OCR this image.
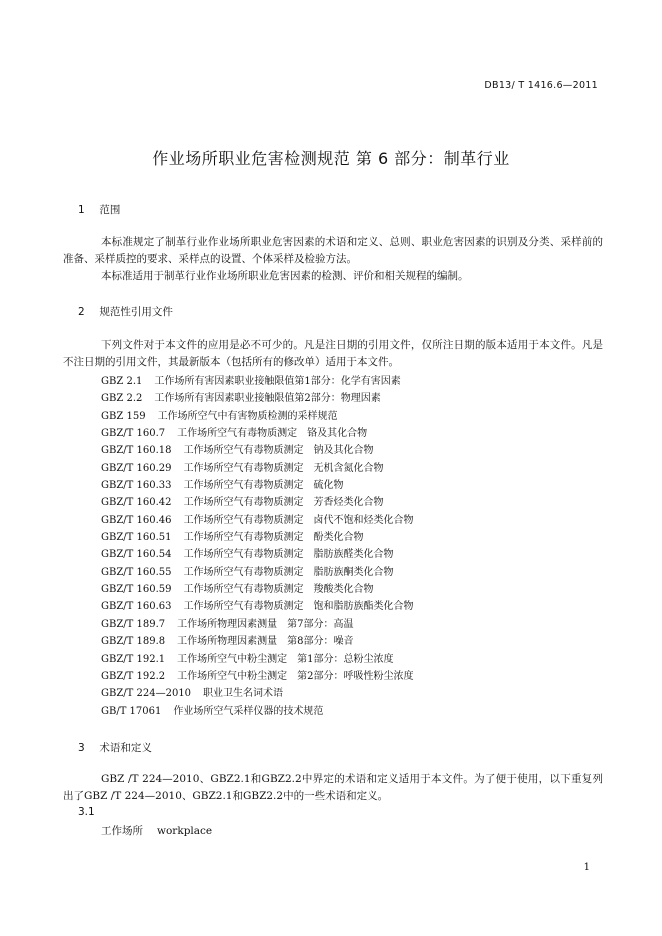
DB13/ T 1416.6—2011
作业场所职业危害检测规范 第 6 部分：制革行业
1 范围
本标准规定了制革行业作业场所职业危害因素的术语和定义、总则、职业危害因素的识别及分类、采样前的准备、采样质控的要求、采样点的设置、个体采样及检验方法。
本标准适用于制革行业作业场所职业危害因素的检测、评价和相关规程的编制。
2 规范性引用文件
下列文件对于本文件的应用是必不可少的。凡是注日期的引用文件，仅所注日期的版本适用于本文件。凡是不注日期的引用文件，其最新版本（包括所有的修改单）适用于本文件。
GBZ 2.1 工作场所有害因素职业接触限值第1部分：化学有害因素
GBZ 2.2 工作场所有害因素职业接触限值第2部分：物理因素
GBZ 159 工作场所空气中有害物质检测的采样规范
GBZ/T 160.7 工作场所空气有毒物质测定　铬及其化合物
GBZ/T 160.18 工作场所空气有毒物质测定　钠及其化合物
GBZ/T 160.29 工作场所空气有毒物质测定　无机含氮化合物
GBZ/T 160.33 工作场所空气有毒物质测定　硫化物
GBZ/T 160.42 工作场所空气有毒物质测定　芳香烃类化合物
GBZ/T 160.46 工作场所空气有毒物质测定　卤代不饱和烃类化合物
GBZ/T 160.51 工作场所空气有毒物质测定　酚类化合物
GBZ/T 160.54 工作场所空气有毒物质测定　脂肪族醛类化合物
GBZ/T 160.55 工作场所空气有毒物质测定　脂肪族酮类化合物
GBZ/T 160.59 工作场所空气有毒物质测定　羧酸类化合物
GBZ/T 160.63 工作场所空气有毒物质测定　饱和脂肪族酯类化合物
GBZ/T 189.7 工作场所物理因素测量　第7部分：高温
GBZ/T 189.8 工作场所物理因素测量　第8部分：噪音
GBZ/T 192.1 工作场所空气中粉尘测定　第1部分：总粉尘浓度
GBZ/T 192.2 工作场所空气中粉尘测定　第2部分：呼吸性粉尘浓度
GBZ/T 224—2010 职业卫生名词术语
GB/T 17061 作业场所空气采样仪器的技术规范
3 术语和定义
GBZ /T 224—2010、GBZ2.1和GBZ2.2中界定的术语和定义适用于本文件。为了便于使用，以下重复列出了GBZ /T 224—2010、GBZ2.1和GBZ2.2中的一些术语和定义。
3.1
工作场所 workplace
1
